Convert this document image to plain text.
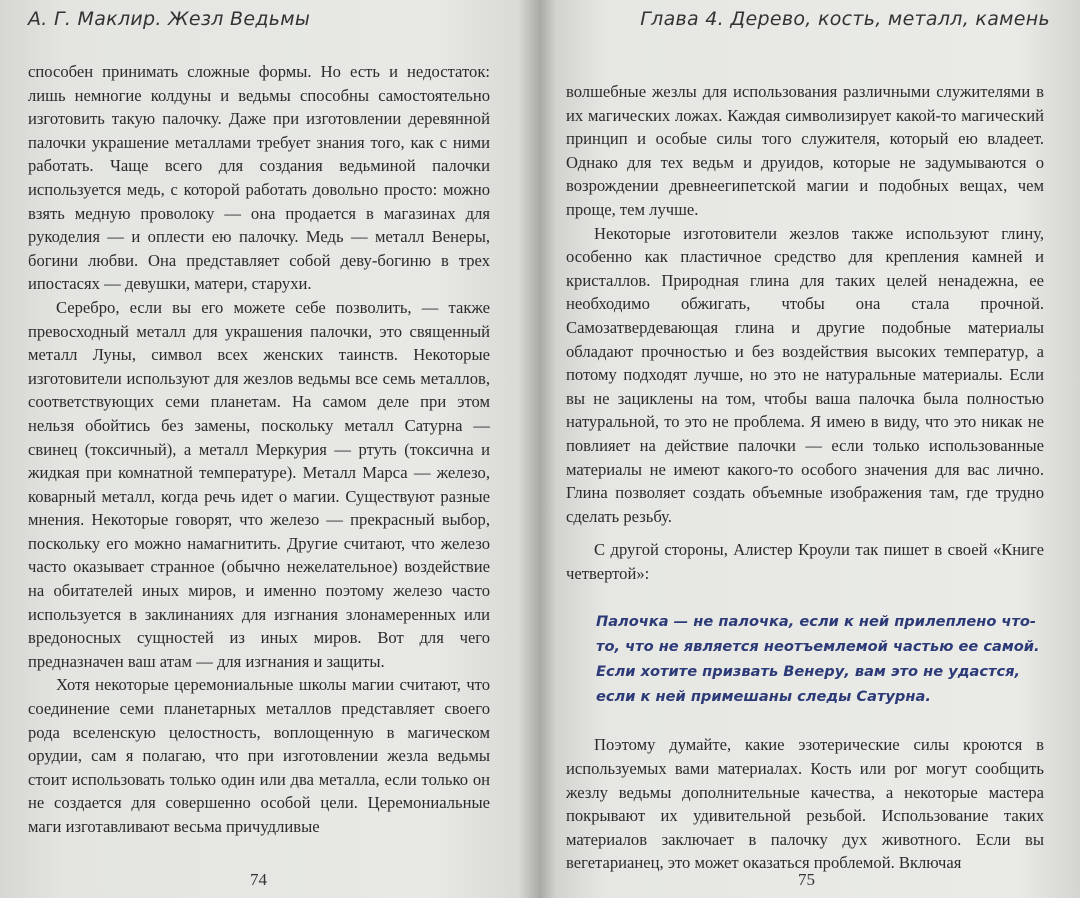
А. Г. Маклир. Жезл Ведьмы

способен принимать сложные формы. Но есть и недостаток: лишь немногие колдуны и ведьмы способны самостоятельно изготовить такую палочку. Даже при изготовлении деревянной палочки украшение металлами требует знания того, как с ними работать. Чаще всего для создания ведьминой палочки используется медь, с которой работать довольно просто: можно взять медную проволоку — она продается в магазинах для рукоделия — и оплести ею палочку. Медь — металл Венеры, богини любви. Она представляет собой деву-богиню в трех ипостасях — девушки, матери, старухи.

Серебро, если вы его можете себе позволить, — также превосходный металл для украшения палочки, это священный металл Луны, символ всех женских таинств. Некоторые изготовители используют для жезлов ведьмы все семь металлов, соответствующих семи планетам. На самом деле при этом нельзя обойтись без замены, поскольку металл Сатурна — свинец (токсичный), а металл Меркурия — ртуть (токсична и жидкая при комнатной температуре). Металл Марса — железо, коварный металл, когда речь идет о магии. Существуют разные мнения. Некоторые говорят, что железо — прекрасный выбор, поскольку его можно намагнитить. Другие считают, что железо часто оказывает странное (обычно нежелательное) воздействие на обитателей иных миров, и именно поэтому железо часто используется в заклинаниях для изгнания злонамеренных или вредоносных сущностей из иных миров. Вот для чего предназначен ваш атам — для изгнания и защиты.

Хотя некоторые церемониальные школы магии считают, что соединение семи планетарных металлов представляет своего рода вселенскую целостность, воплощенную в магическом орудии, сам я полагаю, что при изготовлении жезла ведьмы стоит использовать только один или два металла, если только он не создается для совершенно особой цели. Церемониальные маги изготавливают весьма причудливые

74
Глава 4. Дерево, кость, металл, камень

волшебные жезлы для использования различными служителями в их магических ложах. Каждая символизирует какой-то магический принцип и особые силы того служителя, который ею владеет. Однако для тех ведьм и друидов, которые не задумываются о возрождении древнеегипетской магии и подобных вещах, чем проще, тем лучше.

Некоторые изготовители жезлов также используют глину, особенно как пластичное средство для крепления камней и кристаллов. Природная глина для таких целей ненадежна, ее необходимо обжигать, чтобы она стала прочной. Самозатвердевающая глина и другие подобные материалы обладают прочностью и без воздействия высоких температур, а потому подходят лучше, но это не натуральные материалы. Если вы не зациклены на том, чтобы ваша палочка была полностью натуральной, то это не проблема. Я имею в виду, что это никак не повлияет на действие палочки — если только использованные материалы не имеют какого-то особого значения для вас лично. Глина позволяет создать объемные изображения там, где трудно сделать резьбу.

С другой стороны, Алистер Кроули так пишет в своей «Книге четвертой»:

Палочка — не палочка, если к ней прилеплено что-то, что не является неотъемлемой частью ее самой. Если хотите призвать Венеру, вам это не удастся, если к ней примешаны следы Сатурна.

Поэтому думайте, какие эзотерические силы кроются в используемых вами материалах. Кость или рог могут сообщить жезлу ведьмы дополнительные качества, а некоторые мастера покрывают их удивительной резьбой. Использование таких материалов заключает в палочку дух животного. Если вы вегетарианец, это может оказаться проблемой. Включая

75
